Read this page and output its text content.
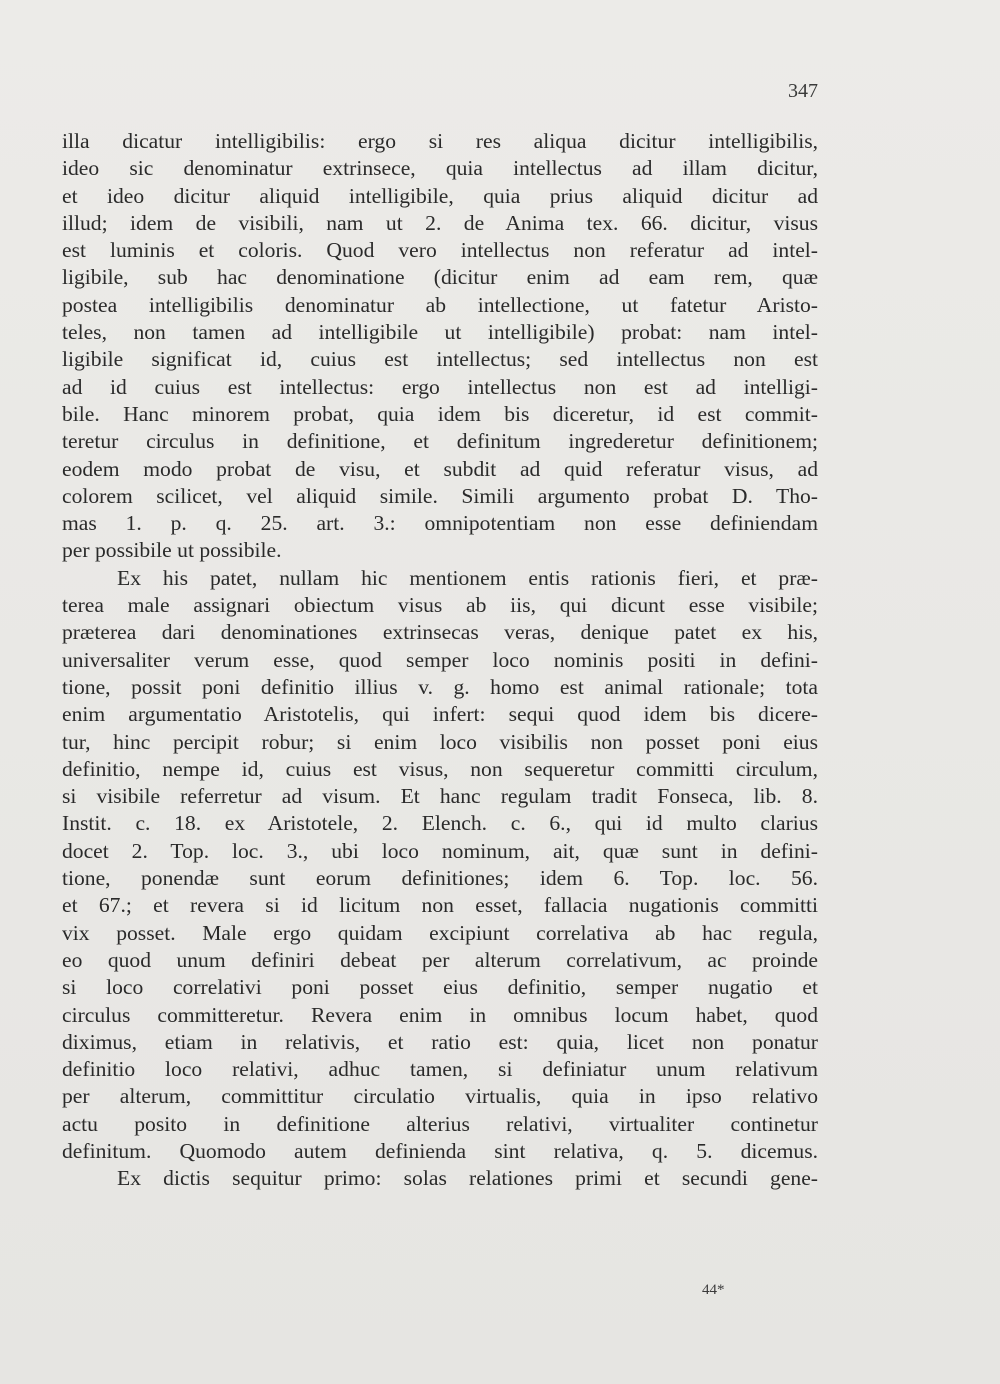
347
illa dicatur intelligibilis: ergo si res aliqua dicitur intelligibilis,
ideo sic denominatur extrinsece, quia intellectus ad illam dicitur,
et ideo dicitur aliquid intelligibile, quia prius aliquid dicitur ad
illud; idem de visibili, nam ut 2. de Anima tex. 66. dicitur, visus
est luminis et coloris. Quod vero intellectus non referatur ad intel-
ligibile, sub hac denominatione (dicitur enim ad eam rem, quæ
postea intelligibilis denominatur ab intellectione, ut fatetur Aristo-
teles, non tamen ad intelligibile ut intelligibile) probat: nam intel-
ligibile significat id, cuius est intellectus; sed intellectus non est
ad id cuius est intellectus: ergo intellectus non est ad intelligi-
bile. Hanc minorem probat, quia idem bis diceretur, id est commit-
teretur circulus in definitione, et definitum ingrederetur definitionem;
eodem modo probat de visu, et subdit ad quid referatur visus, ad
colorem scilicet, vel aliquid simile. Simili argumento probat D. Tho-
mas 1. p. q. 25. art. 3.: omnipotentiam non esse definiendam
per possibile ut possibile.
Ex his patet, nullam hic mentionem entis rationis fieri, et præ-
terea male assignari obiectum visus ab iis, qui dicunt esse visibile;
præterea dari denominationes extrinsecas veras, denique patet ex his,
universaliter verum esse, quod semper loco nominis positi in defini-
tione, possit poni definitio illius v. g. homo est animal rationale; tota
enim argumentatio Aristotelis, qui infert: sequi quod idem bis dicere-
tur, hinc percipit robur; si enim loco visibilis non posset poni eius
definitio, nempe id, cuius est visus, non sequeretur committi circulum,
si visibile referretur ad visum. Et hanc regulam tradit Fonseca, lib. 8.
Instit. c. 18. ex Aristotele, 2. Elench. c. 6., qui id multo clarius
docet 2. Top. loc. 3., ubi loco nominum, ait, quæ sunt in defini-
tione, ponendæ sunt eorum definitiones; idem 6. Top. loc. 56.
et 67.; et revera si id licitum non esset, fallacia nugationis committi
vix posset. Male ergo quidam excipiunt correlativa ab hac regula,
eo quod unum definiri debeat per alterum correlativum, ac proinde
si loco correlativi poni posset eius definitio, semper nugatio et
circulus committeretur. Revera enim in omnibus locum habet, quod
diximus, etiam in relativis, et ratio est: quia, licet non ponatur
definitio loco relativi, adhuc tamen, si definiatur unum relativum
per alterum, committitur circulatio virtualis, quia in ipso relativo
actu posito in definitione alterius relativi, virtualiter continetur
definitum. Quomodo autem definienda sint relativa, q. 5. dicemus.
Ex dictis sequitur primo: solas relationes primi et secundi gene-
44*
